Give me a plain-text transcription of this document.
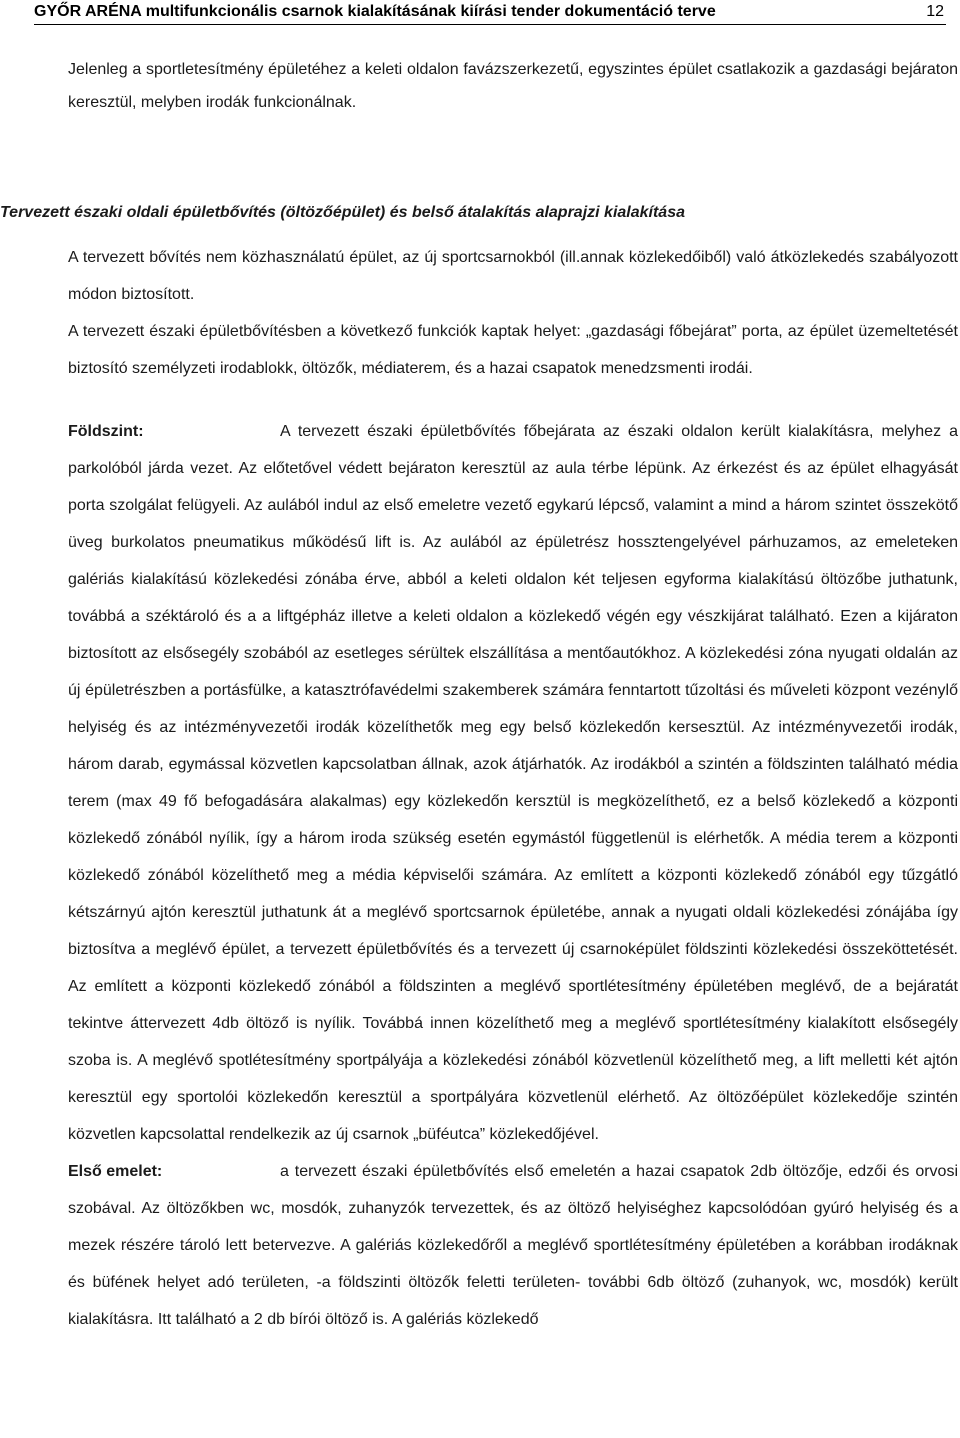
GYŐR ARÉNA multifunkcionális csarnok kialakításának kiírási tender dokumentáció terve	12

Jelenleg a sportletesítmény épületéhez a keleti oldalon favázszerkezetű, egyszintes épület csatlakozik a gazdasági bejáraton keresztül, melyben irodák funkcionálnak.

Tervezett északi oldali épületbővítés (öltözőépület) és belső átalakítás alaprajzi kialakítása

A tervezett bővítés nem közhasználatú épület, az új sportcsarnokból (ill.annak közlekedőiből) való átközlekedés szabályozott módon biztosított.

A tervezett északi épületbővítésben a következő funkciók kaptak helyet: „gazdasági főbejárat” porta, az épület üzemeltetését biztosító személyzeti irodablokk, öltözők, médiaterem, és a hazai csapatok menedzsmenti irodái.

Földszint:	A tervezett északi épületbővítés főbejárata az északi oldalon került kialakításra, melyhez a parkolóból járda vezet. Az előtetővel védett bejáraton keresztül az aula térbe lépünk. Az érkezést és az épület elhagyását porta szolgálat felügyeli. Az aulából indul az első emeletre vezető egykarú lépcső, valamint a mind a három szintet összekötő üveg burkolatos pneumatikus működésű lift is. Az aulából az épületrész hossztengelyével párhuzamos, az emeleteken galériás kialakítású közlekedési zónába érve, abból a keleti oldalon két teljesen egyforma kialakítású öltözőbe juthatunk, továbbá a széktároló és a a liftgépház illetve a keleti oldalon a közlekedő végén egy vészkijárat található. Ezen a kijáraton biztosított az elsősegély szobából az esetleges sérültek elszállítása a mentőautókhoz. A közlekedési zóna nyugati oldalán az új épületrészben a portásfülke, a katasztrófavédelmi szakemberek számára fenntartott tűzoltási és műveleti központ vezénylő helyiség és az intézményvezetői irodák közelíthetők meg egy belső közlekedőn kersesztül. Az intézményvezetői irodák, három darab, egymással közvetlen kapcsolatban állnak, azok átjárhatók. Az irodákból a szintén a földszinten található média terem (max 49 fő befogadására alakalmas) egy közlekedőn kersztül is megközelíthető, ez a belső közlekedő a központi közlekedő zónából nyílik, így a három iroda szükség esetén egymástól függetlenül is elérhetők. A média terem a központi közlekedő zónából közelíthető meg a média képviselői számára. Az említett a központi közlekedő zónából egy tűzgátló kétszárnyú ajtón keresztül juthatunk át a meglévő sportcsarnok épületébe, annak a nyugati oldali közlekedési zónájába így biztosítva a meglévő épület, a tervezett épületbővítés és a tervezett új csarnoképület földszinti közlekedési összeköttetését. Az említett a központi közlekedő zónából a földszinten a meglévő sportlétesítmény épületében meglévő, de a bejáratát tekintve áttervezett 4db öltöző is nyílik. Továbbá innen közelíthető meg a meglévő sportlétesítmény kialakított elsősegély szoba is. A meglévő spotlétesítmény sportpályája a közlekedési zónából közvetlenül közelíthető meg, a lift melletti két ajtón keresztül egy sportolói közlekedőn keresztül a sportpályára közvetlenül elérhető. Az öltözőépület közlekedője szintén közvetlen kapcsolattal rendelkezik az új csarnok „büféutca” közlekedőjével.

Első emelet:	a tervezett északi épületbővítés első emeletén a hazai csapatok 2db öltözője, edzői és orvosi szobával. Az öltözőkben wc, mosdók, zuhanyzók tervezettek, és az öltöző helyiséghez kapcsolódóan gyúró helyiség és a mezek részére tároló lett betervezve. A galériás közlekedőről a meglévő sportlétesítmény épületében a korábban irodáknak és büfének helyet adó területen, -a földszinti öltözők feletti területen- további 6db öltöző (zuhanyok, wc, mosdók) került kialakításra. Itt található a 2 db bírói öltöző is. A galériás közlekedő
